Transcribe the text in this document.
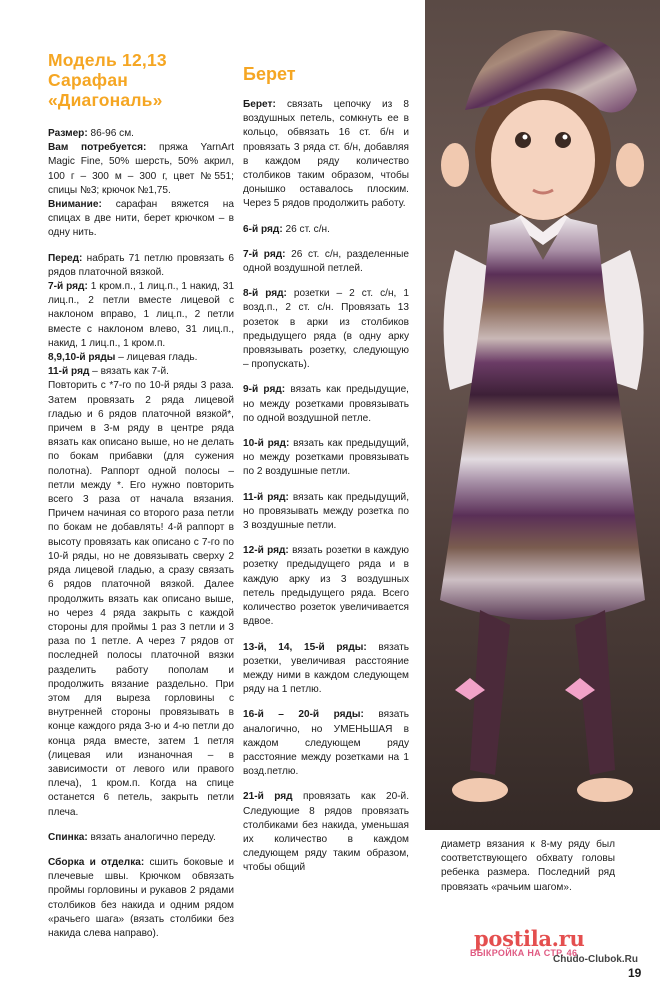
Модель 12,13
Сарафан
«Диагональ»

Размер: 86-96 см.

Вам потребуется: пряжа YarnArt Magic Fine, 50% шерсть, 50% акрил, 100 г – 300 м – 300 г, цвет №551; спицы №3; крючок №1,75.

Внимание: сарафан вяжется на спицах в две нити, берет крючком – в одну нить.

Перед: набрать 71 петлю провязать 6 рядов платочной вязкой.

7-й ряд: 1 кром.п., 1 лиц.п., 1 накид, 31 лиц.п., 2 петли вместе лицевой с наклоном вправо, 1 лиц.п., 2 петли вместе с наклоном влево, 31 лиц.п., накид, 1 лиц.п., 1 кром.п.

8,9,10-й ряды – лицевая гладь.

11-й ряд – вязать как 7-й.

Повторить с *7-го по 10-й ряды 3 раза. Затем провязать 2 ряда лицевой гладью и 6 рядов платочной вязкой*, причем в 3-м ряду в центре ряда вязать как описано выше, но не делать по бокам прибавки (для сужения полотна). Раппорт одной полосы – петли между *. Его нужно повторить всего 3 раза от начала вязания. Причем начиная со второго раза петли по бокам не добавлять! 4-й раппорт в высоту провязать как описано с 7-го по 10-й ряды, но не довязывать сверху 2 ряда лицевой гладью, а сразу связать 6 рядов платочной вязкой. Далее продолжить вязать как описано выше, но через 4 ряда закрыть с каждой стороны для проймы 1 раз 3 петли и 3 раза по 1 петле. А через 7 рядов от последней полосы платочной вязки разделить работу пополам и продолжить вязание раздельно. При этом для выреза горловины с внутренней стороны провязывать в конце каждого ряда 3-ю и 4-ю петли до конца ряда вместе, затем 1 петля (лицевая или изнаночная – в зависимости от левого или правого плеча), 1 кром.п. Когда на спице останется 6 петель, закрыть петли плеча.

Спинка: вязать аналогично переду.

Сборка и отделка: сшить боковые и плечевые швы. Крючком обвязать проймы горловины и рукавов 2 рядами столбиков без накида и одним рядом «рачьего шага» (вязать столбики без накида слева направо).

Берет

Берет: связать цепочку из 8 воздушных петель, сомкнуть ее в кольцо, обвязать 16 ст. б/н и провязать 3 ряда ст. б/н, добавляя в каждом ряду количество столбиков таким образом, чтобы донышко оставалось плоским. Через 5 рядов продолжить работу.

6-й ряд: 26 ст. с/н.

7-й ряд: 26 ст. с/н, разделенные одной воздушной петлей.

8-й ряд: розетки – 2 ст. с/н, 1 возд.п., 2 ст. с/н. Провязать 13 розеток в арки из столбиков предыдущего ряда (в одну арку провязывать розетку, следующую – пропускать).

9-й ряд: вязать как предыдущие, но между розетками провязывать по одной воздушной петле.

10-й ряд: вязать как предыдущий, но между розетками провязывать по 2 воздушные петли.

11-й ряд: вязать как предыдущий, но провязывать между розетка по 3 воздушные петли.

12-й ряд: вязать розетки в каждую розетку предыдущего ряда и в каждую арку из 3 воздушных петель предыдущего ряда. Всего количество розеток увеличивается вдвое.

13-й, 14, 15-й ряды: вязать розетки, увеличивая расстояние между ними в каждом следующем ряду на 1 петлю.

16-й – 20-й ряды: вязать аналогично, но УМЕНЬШАЯ в каждом следующем ряду расстояние между розетками на 1 возд.петлю.

21-й ряд провязать как 20-й. Следующие 8 рядов провязать столбиками без накида, уменьшая их количество в каждом следующем ряду таким образом, чтобы общий

диаметр вязания к 8-му ряду был соответствующего обхвату головы ребенка размера. Последний ряд провязать «рачьим шагом».

postila.ru
ВЫКРОЙКА НА СТР. 46
Chudo-Clubok.Ru
19
